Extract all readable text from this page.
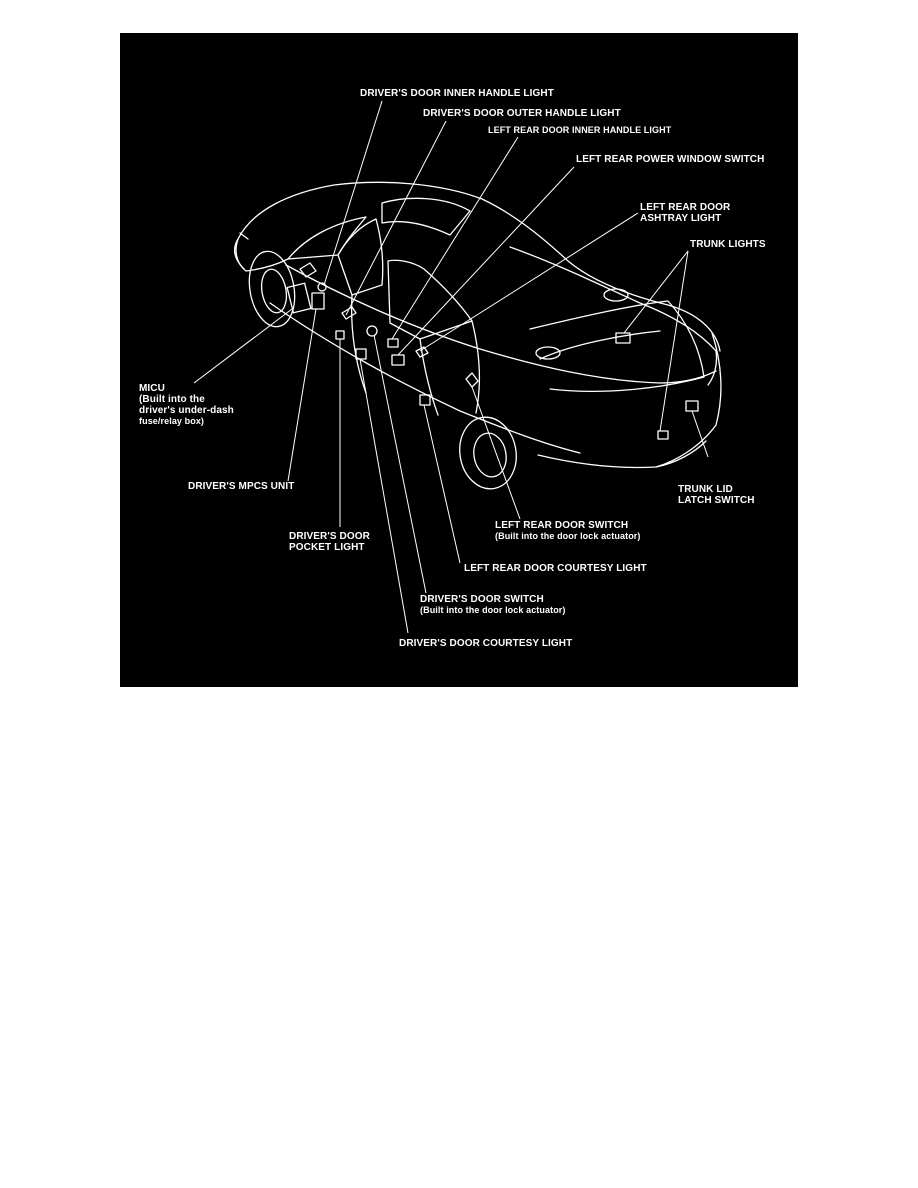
DRIVER'S DOOR INNER HANDLE LIGHT
DRIVER'S DOOR OUTER HANDLE LIGHT
LEFT REAR DOOR INNER HANDLE LIGHT
LEFT REAR POWER WINDOW SWITCH
LEFT REAR DOOR
ASHTRAY LIGHT
TRUNK LIGHTS
MICU
(Built into the
driver's under-dash
fuse/relay box)
DRIVER'S MPCS UNIT	TRUNK LID
LATCH SWITCH
LEFT REAR DOOR SWITCH
(Built into the door lock actuator)
DRIVER'S DOOR
POCKET LIGHT
LEFT REAR DOOR COURTESY LIGHT
DRIVER'S DOOR SWITCH
(Built into the door lock actuator)
DRIVER'S DOOR COURTESY LIGHT
